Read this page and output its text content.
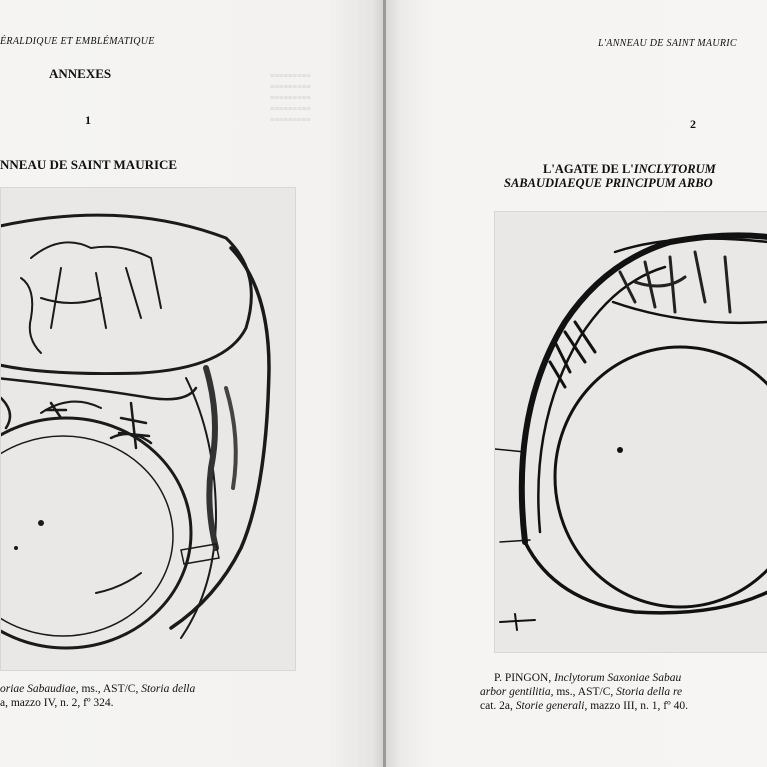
≡≡≡≡≡≡≡≡≡
≡≡≡≡≡≡≡≡≡
≡≡≡≡≡≡≡≡≡
≡≡≡≡≡≡≡≡≡
≡≡≡≡≡≡≡≡≡

ÉRALDIQUE ET EMBLÉMATIQUE

ANNEXES

1

NNEAU DE SAINT MAURICE

oriae Sabaudiae, ms., AST/C, Storia della

a, mazzo IV, n. 2, fº 324.

L'ANNEAU DE SAINT MAURIC

2

L'AGATE DE L'INCLYTORUM

SABAUDIAEQUE PRINCIPUM ARBO

P. PINGON, Inclytorum Saxoniae Sabau

arbor gentilitia, ms., AST/C, Storia della re

cat. 2a, Storie generali, mazzo III, n. 1, fº 40.
